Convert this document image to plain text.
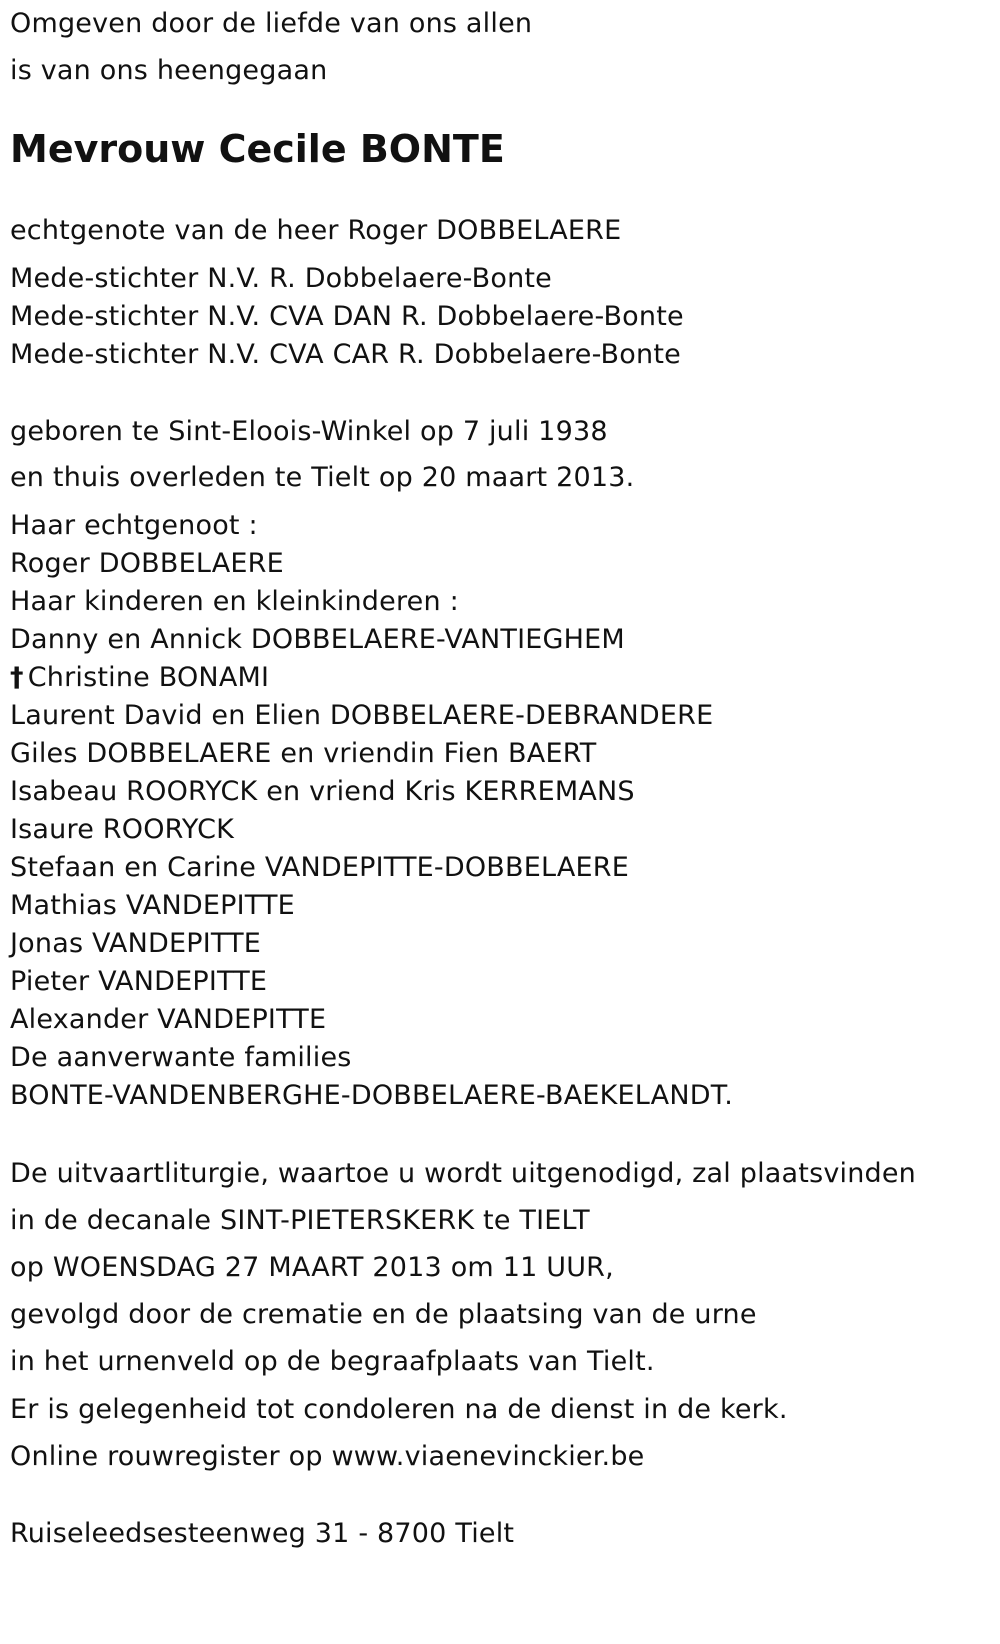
Omgeven door de liefde van ons allen
is van ons heengegaan
Mevrouw Cecile BONTE
echtgenote van de heer Roger DOBBELAERE
Mede-stichter N.V. R. Dobbelaere-Bonte
Mede-stichter N.V. CVA DAN R. Dobbelaere-Bonte
Mede-stichter N.V. CVA CAR R. Dobbelaere-Bonte
geboren te Sint-Eloois-Winkel op 7 juli 1938
en thuis overleden te Tielt op 20 maart 2013.
Haar echtgenoot :
Roger DOBBELAERE
Haar kinderen en kleinkinderen :
Danny en Annick DOBBELAERE-VANTIEGHEM
† Christine BONAMI
Laurent David en Elien DOBBELAERE-DEBRANDERE
Giles DOBBELAERE en vriendin Fien BAERT
Isabeau ROORYCK en vriend Kris KERREMANS
Isaure ROORYCK
Stefaan en Carine VANDEPITTE-DOBBELAERE
Mathias VANDEPITTE
Jonas VANDEPITTE
Pieter VANDEPITTE
Alexander VANDEPITTE
De aanverwante families
BONTE-VANDENBERGHE-DOBBELAERE-BAEKELANDT.
De uitvaartliturgie, waartoe u wordt uitgenodigd, zal plaatsvinden
in de decanale SINT-PIETERSKERK te TIELT
op WOENSDAG 27 MAART 2013 om 11 UUR,
gevolgd door de crematie en de plaatsing van de urne
in het urnenveld op de begraafplaats van Tielt.
Er is gelegenheid tot condoleren na de dienst in de kerk.
Online rouwregister op www.viaenevinckier.be
Ruiseleedsesteenweg 31 - 8700 Tielt
